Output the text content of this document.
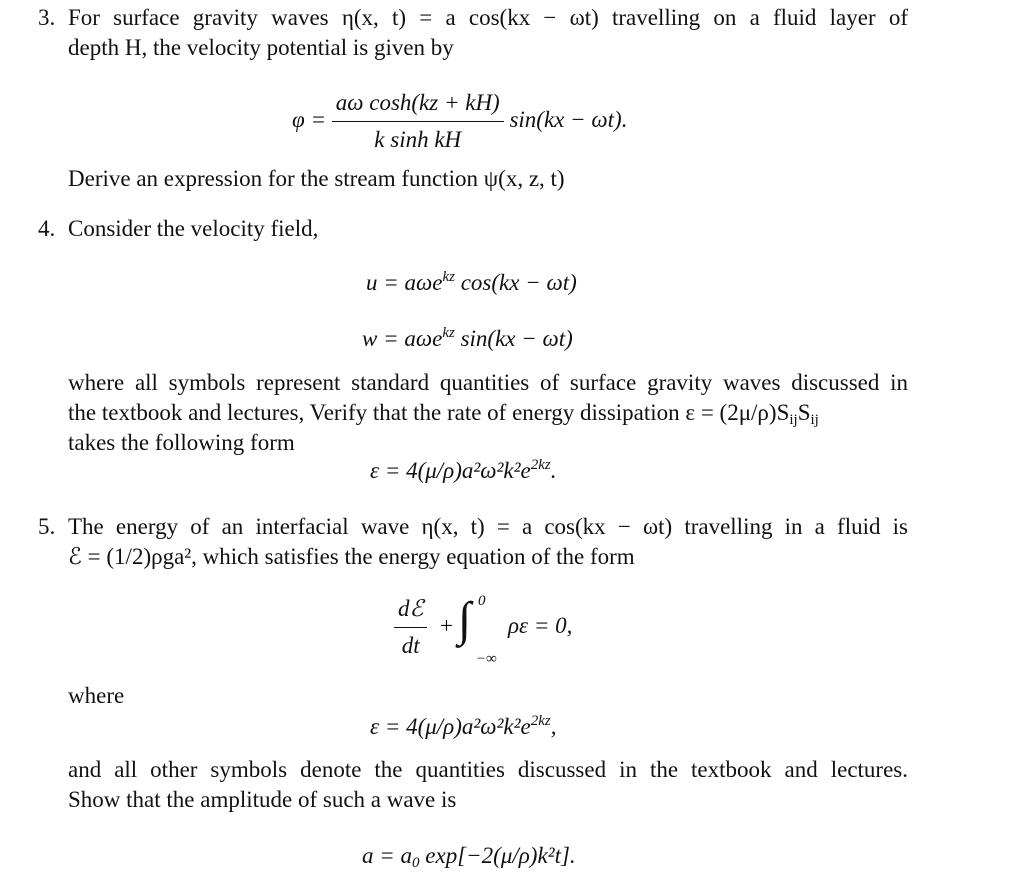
3. For surface gravity waves η(x, t) = a cos(kx − ωt) travelling on a fluid layer of
depth H, the velocity potential is given by
$\varphi = \frac{\text{aω cosh(kz + kH)}}{\text{k sinh kH}} \sin(kx - \omega t)$.
Derive an expression for the stream function ψ(x, z, t)
4. Consider the velocity field,
u = aωe$^{kz}$ cos(kx − ωt)
w = aωe$^{kz}$ sin(kx − ωt)
where all symbols represent standard quantities of surface gravity waves discussed in
the textbook and lectures, Verify that the rate of energy dissipation $\varepsilon = (2\mu/\rho)S_{ij}S_{ij}$
takes the following form
$\varepsilon = 4(\mu/\rho)a^2\omega^2k^2e^{2kz}$.
5. The energy of an interfacial wave η(x, t) = a cos(kx − ωt) travelling in a fluid is
ℰ = (1/2)ρga², which satisfies the energy equation of the form
$\frac{\text{dℰ}}{dt}$ + ∫ 0
−∞
ρε = 0,
where
$\varepsilon = 4(\mu/\rho)a^2\omega^2k^2e^{2kz}$,
and all other symbols denote the quantities discussed in the textbook and lectures.
Show that the amplitude of such a wave is
$a = a_0$ exp[−2(μ/ρ)k²t].
